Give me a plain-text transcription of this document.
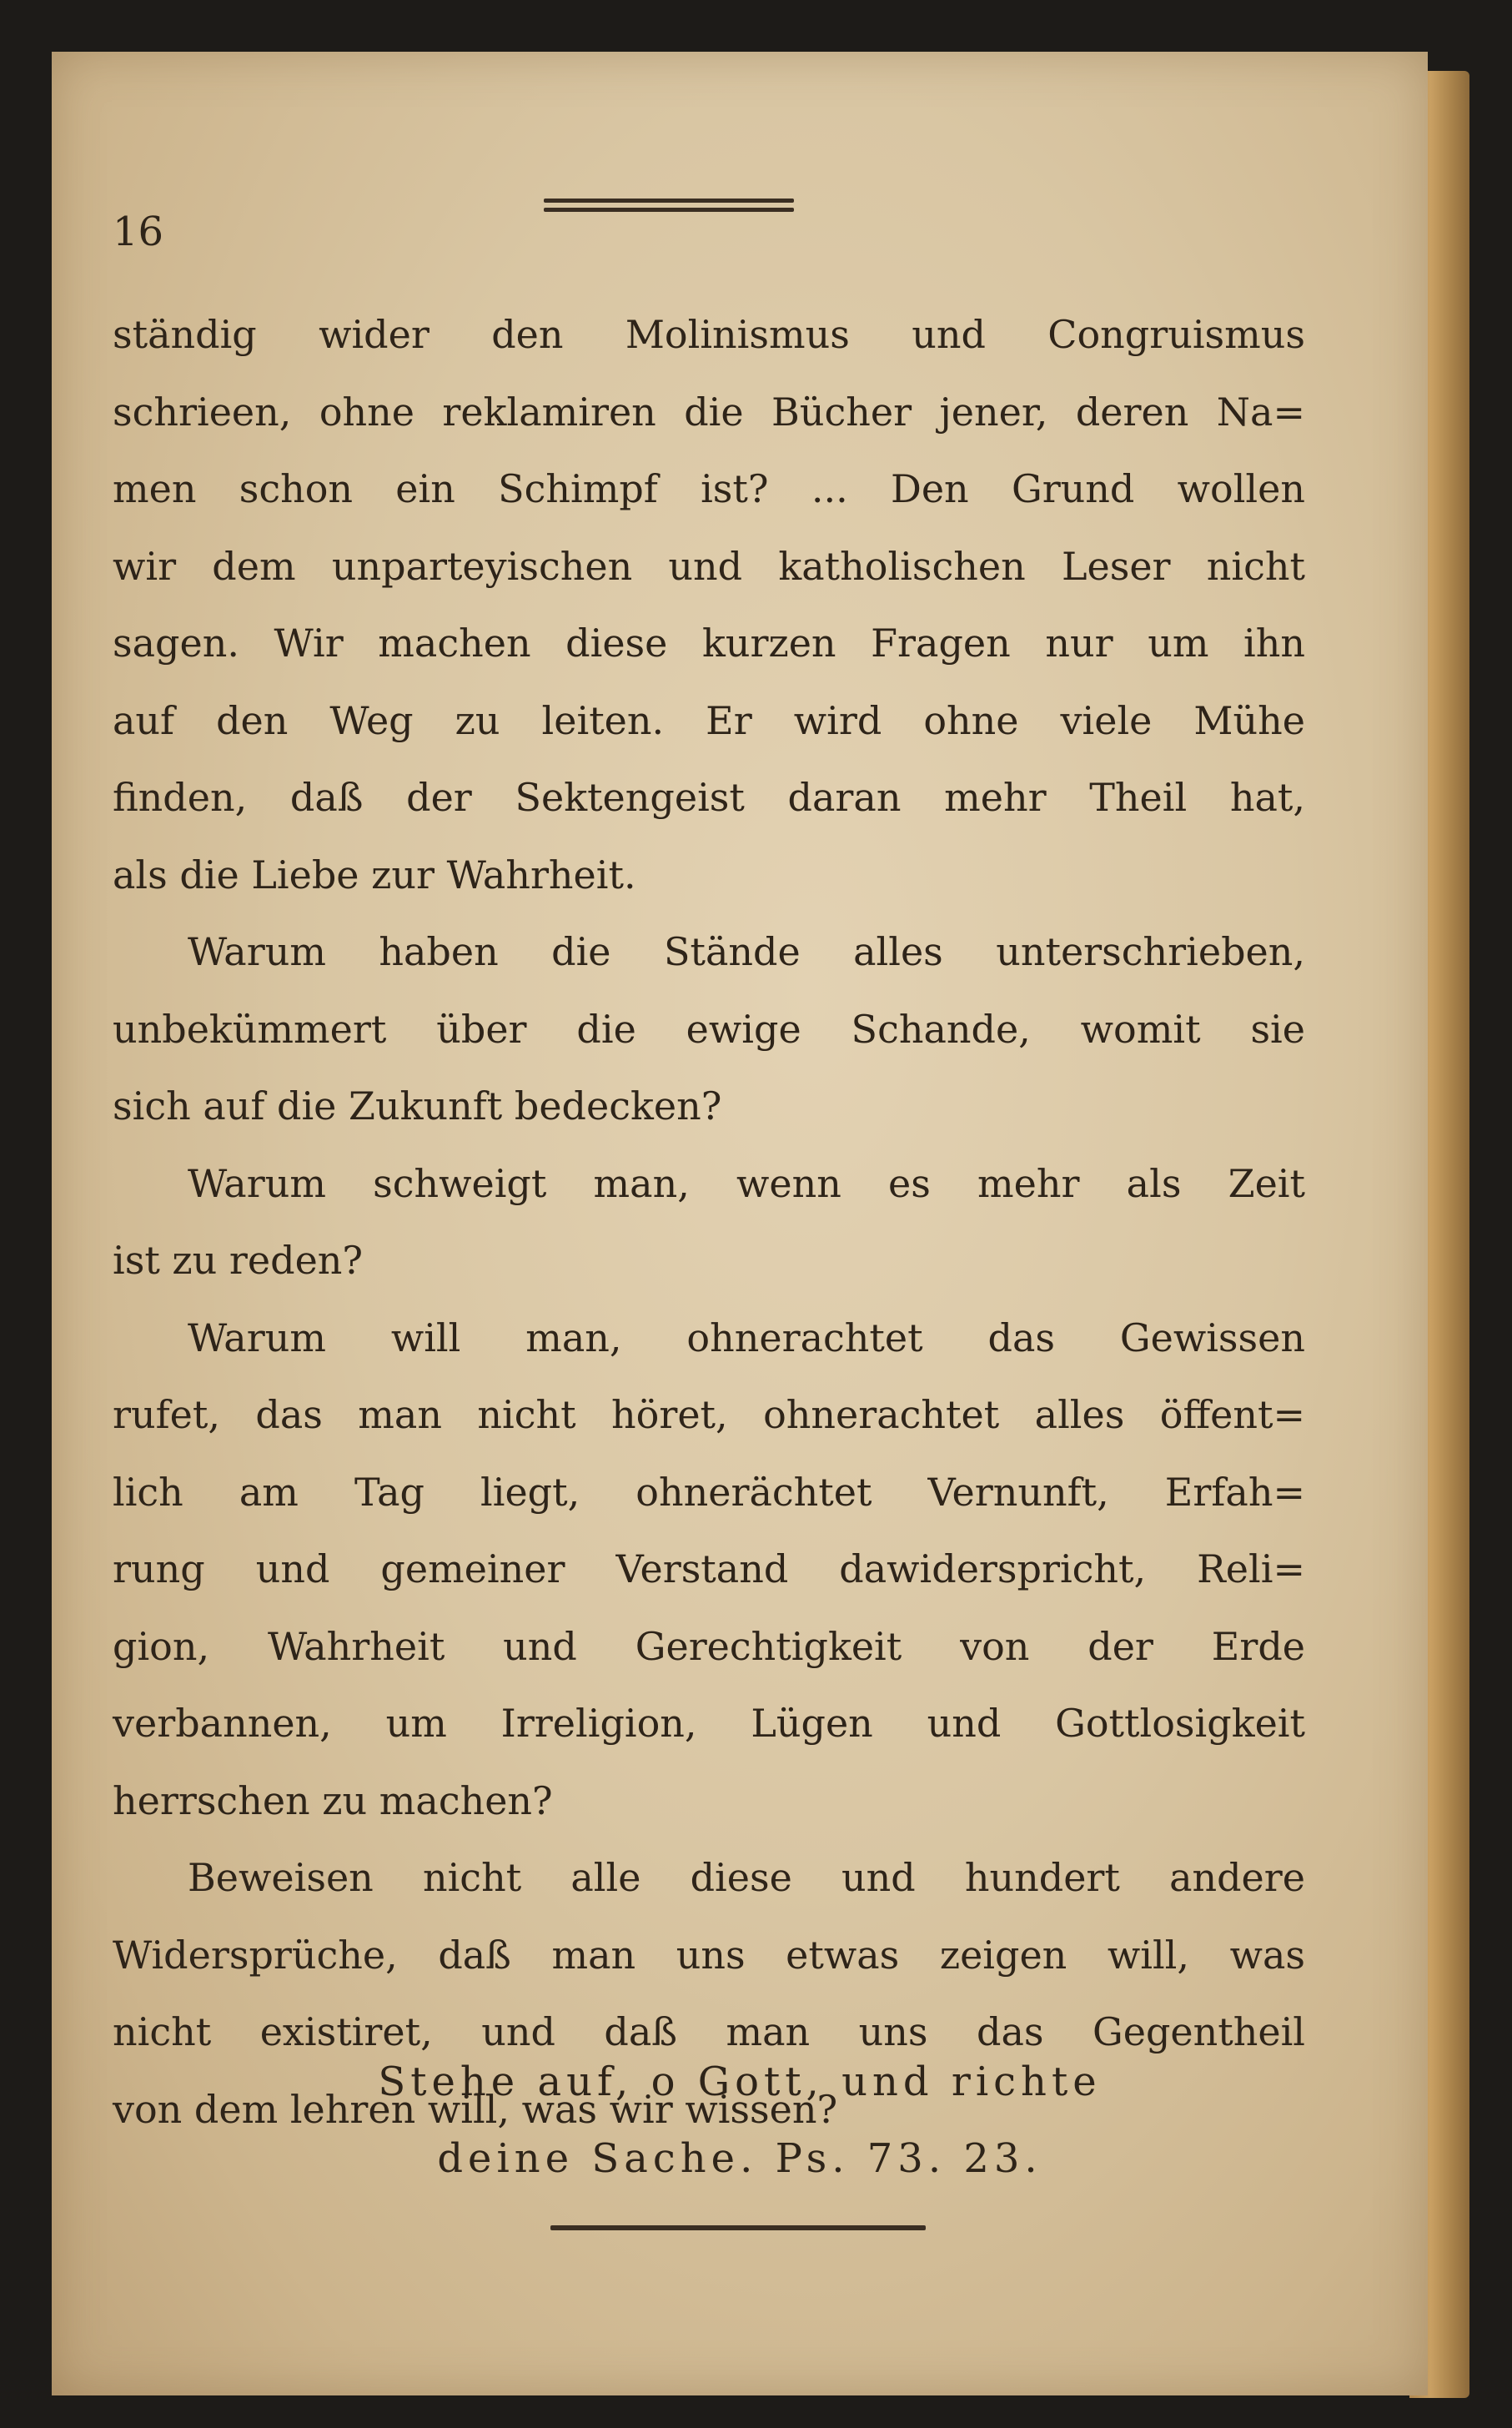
16
ständig wider den Molinismus und Congruismus
schrieen, ohne reklamiren die Bücher jener, deren Na=
men schon ein Schimpf ist? ... Den Grund wollen
wir dem unparteyischen und katholischen Leser nicht
sagen. Wir machen diese kurzen Fragen nur um ihn
auf den Weg zu leiten. Er wird ohne viele Mühe
finden, daß der Sektengeist daran mehr Theil hat,
als die Liebe zur Wahrheit.
Warum haben die Stände alles unterschrieben,
unbekümmert über die ewige Schande, womit sie
sich auf die Zukunft bedecken?
Warum schweigt man, wenn es mehr als Zeit
ist zu reden?
Warum will man, ohnerachtet das Gewissen
rufet, das man nicht höret, ohnerachtet alles öffent=
lich am Tag liegt, ohnerächtet Vernunft, Erfah=
rung und gemeiner Verstand dawiderspricht, Reli=
gion, Wahrheit und Gerechtigkeit von der Erde
verbannen, um Irreligion, Lügen und Gottlosigkeit
herrschen zu machen?
Beweisen nicht alle diese und hundert andere
Widersprüche, daß man uns etwas zeigen will, was
nicht existiret, und daß man uns das Gegentheil
von dem lehren will, was wir wissen?
Stehe auf, o Gott, und richte
deine Sache. Ps. 73. 23.
